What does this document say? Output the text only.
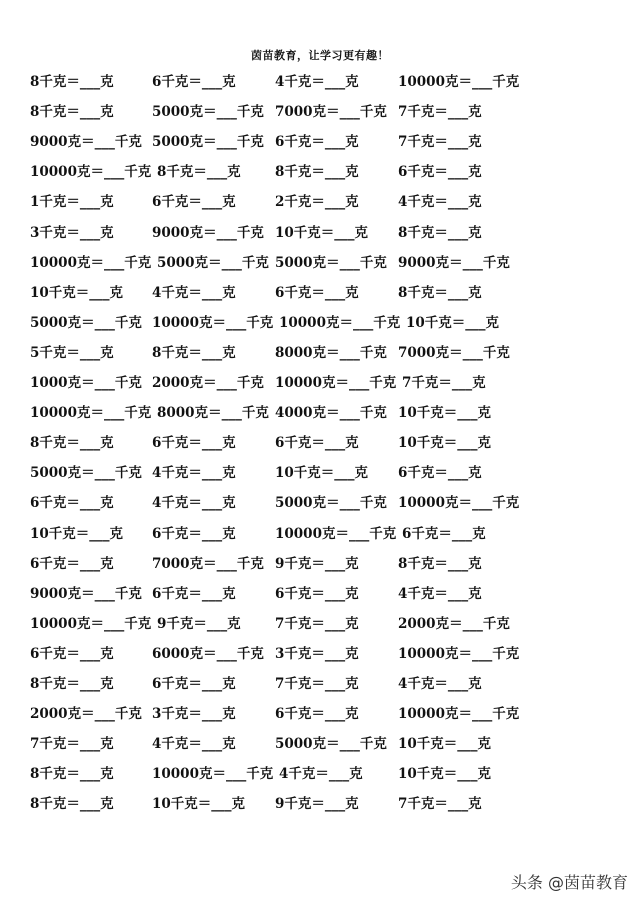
茵苗教育，让学习更有趣！
8千克＝___克	6千克＝___克	4千克＝___克	10000克＝___千克
8千克＝___克	5000克＝___千克 7000克＝___千克 7千克＝___克
9000克＝___千克 5000克＝___千克 6千克＝___克	7千克＝___克
10000克＝___千克 8千克＝___克	8千克＝___克	6千克＝___克
1千克＝___克	6千克＝___克	2千克＝___克	4千克＝___克
3千克＝___克	9000克＝___千克 10千克＝___克 8千克＝___克
10000克＝___千克 5000克＝___千克 5000克＝___千克 9000克＝___千克
10千克＝___克 4千克＝___克	6千克＝___克	8千克＝___克
5000克＝___千克 10000克＝___千克 10000克＝___千克 10千克＝___克
5千克＝___克	8千克＝___克	8000克＝___千克 7000克＝___千克
1000克＝___千克 2000克＝___千克 10000克＝___千克 7千克＝___克
10000克＝___千克 8000克＝___千克 4000克＝___千克 10千克＝___克
8千克＝___克	6千克＝___克	6千克＝___克	10千克＝___克
5000克＝___千克 4千克＝___克	10千克＝___克 6千克＝___克
6千克＝___克	4千克＝___克	5000克＝___千克 10000克＝___千克
10千克＝___克 6千克＝___克	10000克＝___千克 6千克＝___克
6千克＝___克	7000克＝___千克 9千克＝___克	8千克＝___克
9000克＝___千克 6千克＝___克	6千克＝___克	4千克＝___克
10000克＝___千克 9千克＝___克	7千克＝___克	2000克＝___千克
6千克＝___克	6000克＝___千克 3千克＝___克	10000克＝___千克
8千克＝___克	6千克＝___克	7千克＝___克	4千克＝___克
2000克＝___千克 3千克＝___克	6千克＝___克	10000克＝___千克
7千克＝___克	4千克＝___克	5000克＝___千克 10千克＝___克
8千克＝___克	10000克＝___千克 4千克＝___克	10千克＝___克
8千克＝___克	10千克＝___克 9千克＝___克	7千克＝___克
头条 @茵苗教育
